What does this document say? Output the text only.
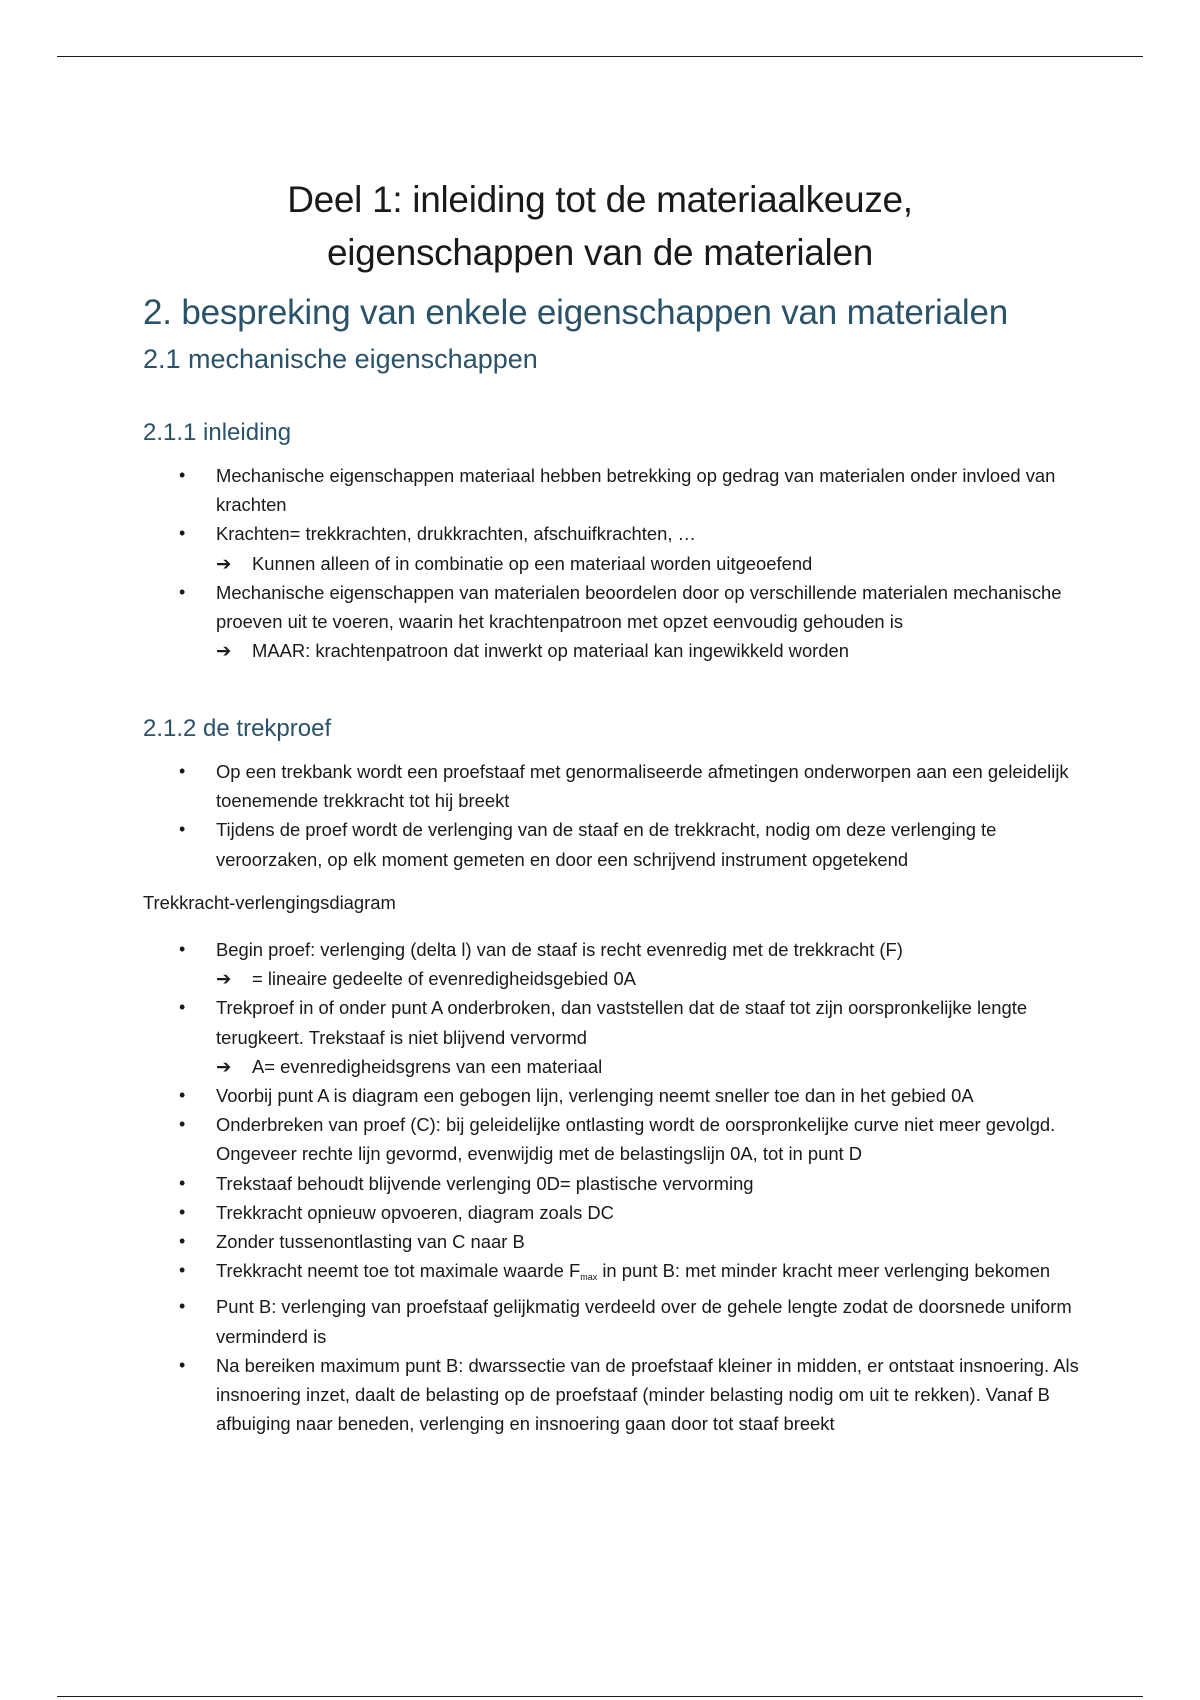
Deel 1: inleiding tot de materiaalkeuze,
eigenschappen van de materialen
2. bespreking van enkele eigenschappen van materialen
2.1 mechanische eigenschappen
2.1.1 inleiding
• Mechanische eigenschappen materiaal hebben betrekking op gedrag van materialen onder invloed van krachten
• Krachten= trekkrachten, drukkrachten, afschuifkrachten, …
➔ Kunnen alleen of in combinatie op een materiaal worden uitgeoefend
• Mechanische eigenschappen van materialen beoordelen door op verschillende materialen mechanische proeven uit te voeren, waarin het krachtenpatroon met opzet eenvoudig gehouden is
➔ MAAR: krachtenpatroon dat inwerkt op materiaal kan ingewikkeld worden
2.1.2 de trekproef
• Op een trekbank wordt een proefstaaf met genormaliseerde afmetingen onderworpen aan een geleidelijk toenemende trekkracht tot hij breekt
• Tijdens de proef wordt de verlenging van de staaf en de trekkracht, nodig om deze verlenging te veroorzaken, op elk moment gemeten en door een schrijvend instrument opgetekend
Trekkracht-verlengingsdiagram
• Begin proef: verlenging (delta l) van de staaf is recht evenredig met de trekkracht (F)
➔ = lineaire gedeelte of evenredigheidsgebied 0A
• Trekproef in of onder punt A onderbroken, dan vaststellen dat de staaf tot zijn oorspronkelijke lengte terugkeert. Trekstaaf is niet blijvend vervormd
➔ A= evenredigheidsgrens van een materiaal
• Voorbij punt A is diagram een gebogen lijn, verlenging neemt sneller toe dan in het gebied 0A
• Onderbreken van proef (C): bij geleidelijke ontlasting wordt de oorspronkelijke curve niet meer gevolgd. Ongeveer rechte lijn gevormd, evenwijdig met de belastingslijn 0A, tot in punt D
• Trekstaaf behoudt blijvende verlenging 0D= plastische vervorming
• Trekkracht opnieuw opvoeren, diagram zoals DC
• Zonder tussenontlasting van C naar B
• Trekkracht neemt toe tot maximale waarde $F_{max}$ in punt B: met minder kracht meer verlenging bekomen
• Punt B: verlenging van proefstaaf gelijkmatig verdeeld over de gehele lengte zodat de doorsnede uniform verminderd is
• Na bereiken maximum punt B: dwarssectie van de proefstaaf kleiner in midden, er ontstaat insnoering. Als insnoering inzet, daalt de belasting op de proefstaaf (minder belasting nodig om uit te rekken). Vanaf B afbuiging naar beneden, verlenging en insnoering gaan door tot staaf breekt
